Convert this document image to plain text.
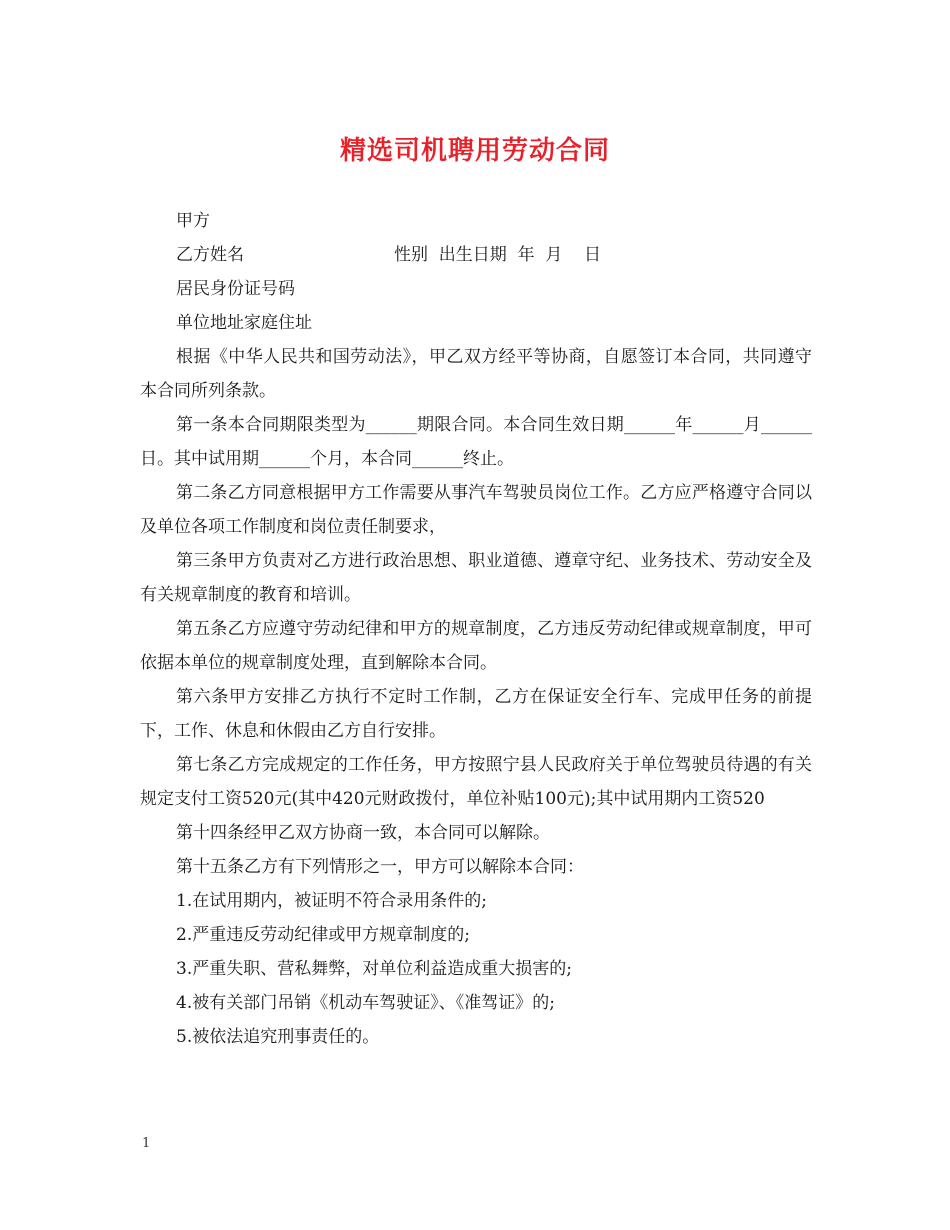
精选司机聘用劳动合同

甲方

乙方姓名	性别  出生日期  年  月    日

居民身份证号码

单位地址家庭住址

根据《中华人民共和国劳动法》，甲乙双方经平等协商，自愿签订本合同，共同遵守本合同所列条款。

第一条本合同期限类型为______期限合同。本合同生效日期______年______月______日。其中试用期______个月，本合同______终止。

第二条乙方同意根据甲方工作需要从事汽车驾驶员岗位工作。乙方应严格遵守合同以及单位各项工作制度和岗位责任制要求，

第三条甲方负责对乙方进行政治思想、职业道德、遵章守纪、业务技术、劳动安全及有关规章制度的教育和培训。

第五条乙方应遵守劳动纪律和甲方的规章制度，乙方违反劳动纪律或规章制度，甲可依据本单位的规章制度处理，直到解除本合同。

第六条甲方安排乙方执行不定时工作制，乙方在保证安全行车、完成甲任务的前提下，工作、休息和休假由乙方自行安排。

第七条乙方完成规定的工作任务，甲方按照宁县人民政府关于单位驾驶员待遇的有关规定支付工资520元(其中420元财政拨付，单位补贴100元);其中试用期内工资520

第十四条经甲乙双方协商一致，本合同可以解除。

第十五条乙方有下列情形之一，甲方可以解除本合同：

1.在试用期内，被证明不符合录用条件的;

2.严重违反劳动纪律或甲方规章制度的;

3.严重失职、营私舞弊，对单位利益造成重大损害的;

4.被有关部门吊销《机动车驾驶证》、《准驾证》的;

5.被依法追究刑事责任的。

1
